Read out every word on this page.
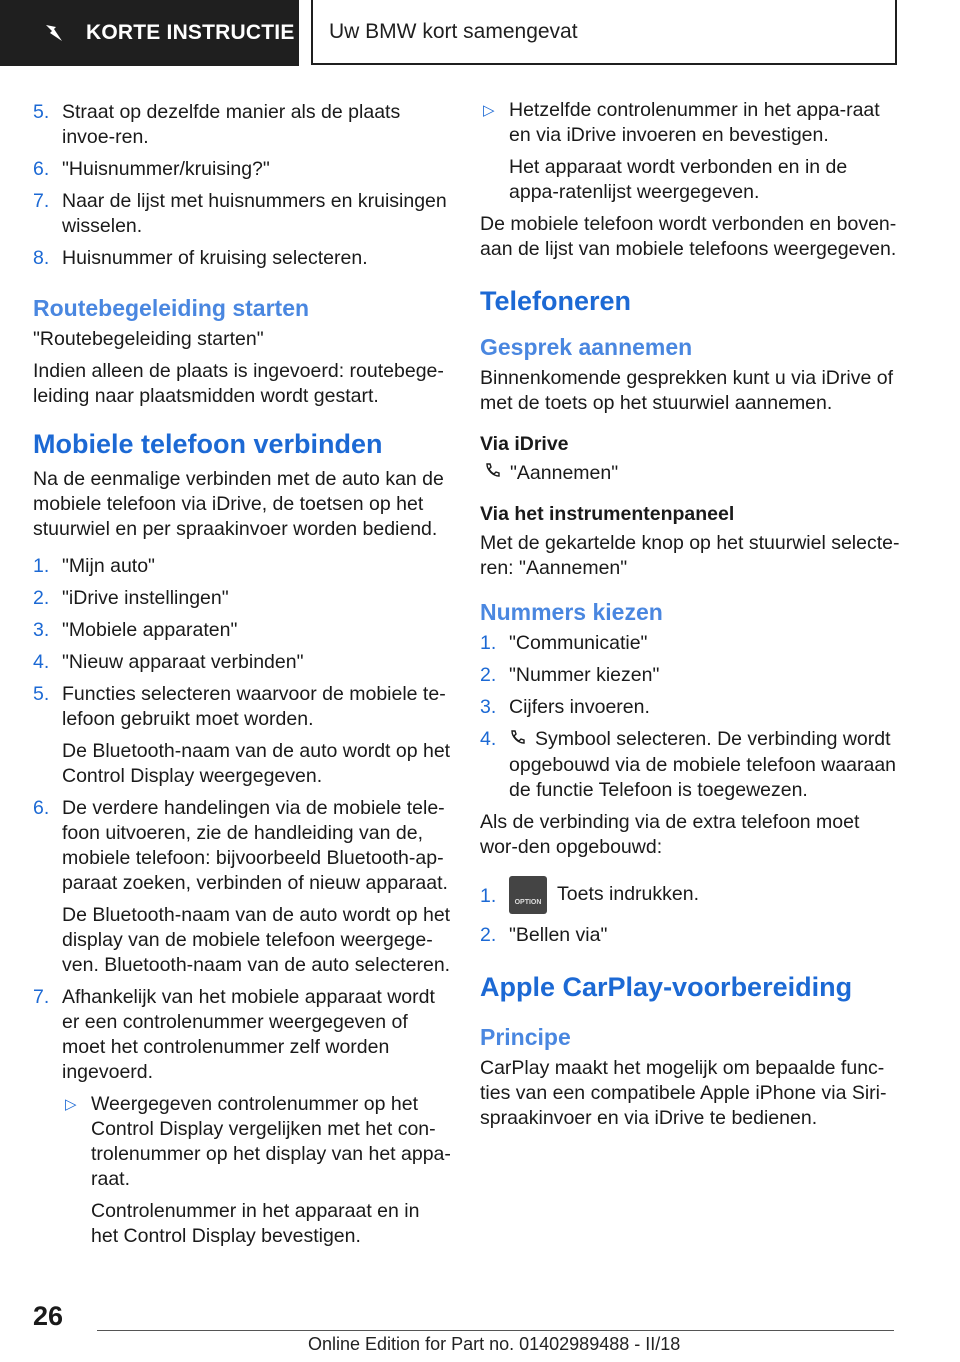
KORTE INSTRUCTIE Uw BMW kort samengevat
5. Straat op dezelfde manier als de plaats invoe-ren.
6. "Huisnummer/kruising?"
7. Naar de lijst met huisnummers en kruisingen wisselen.
8. Huisnummer of kruising selecteren.
Routebegeleiding starten
"Routebegeleiding starten"
Indien alleen de plaats is ingevoerd: routebege-leiding naar plaatsmidden wordt gestart.
Mobiele telefoon verbinden
Na de eenmalige verbinden met de auto kan de mobiele telefoon via iDrive, de toetsen op het stuurwiel en per spraakinvoer worden bediend.
1. "Mijn auto"
2. "iDrive instellingen"
3. "Mobiele apparaten"
4. "Nieuw apparaat verbinden"
5. Functies selecteren waarvoor de mobiele te-lefoon gebruikt moet worden.
De Bluetooth-naam van de auto wordt op het Control Display weergegeven.
6. De verdere handelingen via de mobiele tele-foon uitvoeren, zie de handleiding van de, mobiele telefoon: bijvoorbeeld Bluetooth-ap-paraat zoeken, verbinden of nieuw apparaat.
De Bluetooth-naam van de auto wordt op het display van de mobiele telefoon weergege-ven. Bluetooth-naam van de auto selecteren.
7. Afhankelijk van het mobiele apparaat wordt er een controlenummer weergegeven of moet het controlenummer zelf worden ingevoerd.
▷ Weergegeven controlenummer op het Control Display vergelijken met het con-trolenummer op het display van het appa-raat.
Controlenummer in het apparaat en in het Control Display bevestigen.
▷ Hetzelfde controlenummer in het appa-raat en via iDrive invoeren en bevestigen.
Het apparaat wordt verbonden en in de appa-ratenlijst weergegeven.
De mobiele telefoon wordt verbonden en boven-aan de lijst van mobiele telefoons weergegeven.
Telefoneren
Gesprek aannemen
Binnenkomende gesprekken kunt u via iDrive of met de toets op het stuurwiel aannemen.
Via iDrive
"Aannemen"
Via het instrumentenpaneel
Met de gekartelde knop op het stuurwiel selecte-ren: "Aannemen"
Nummers kiezen
1. "Communicatie"
2. "Nummer kiezen"
3. Cijfers invoeren.
4. Symbool selecteren. De verbinding wordt opgebouwd via de mobiele telefoon waaraan de functie Telefoon is toegewezen.
Als de verbinding via de extra telefoon moet wor-den opgebouwd:
1.	OPTION Toets indrukken.
2. "Bellen via"
Apple CarPlay-voorbereiding
Principe
CarPlay maakt het mogelijk om bepaalde func-ties van een compatibele Apple iPhone via Siri-spraakinvoer en via iDrive te bedienen.
26
Online Edition for Part no. 01402989488 - II/18
